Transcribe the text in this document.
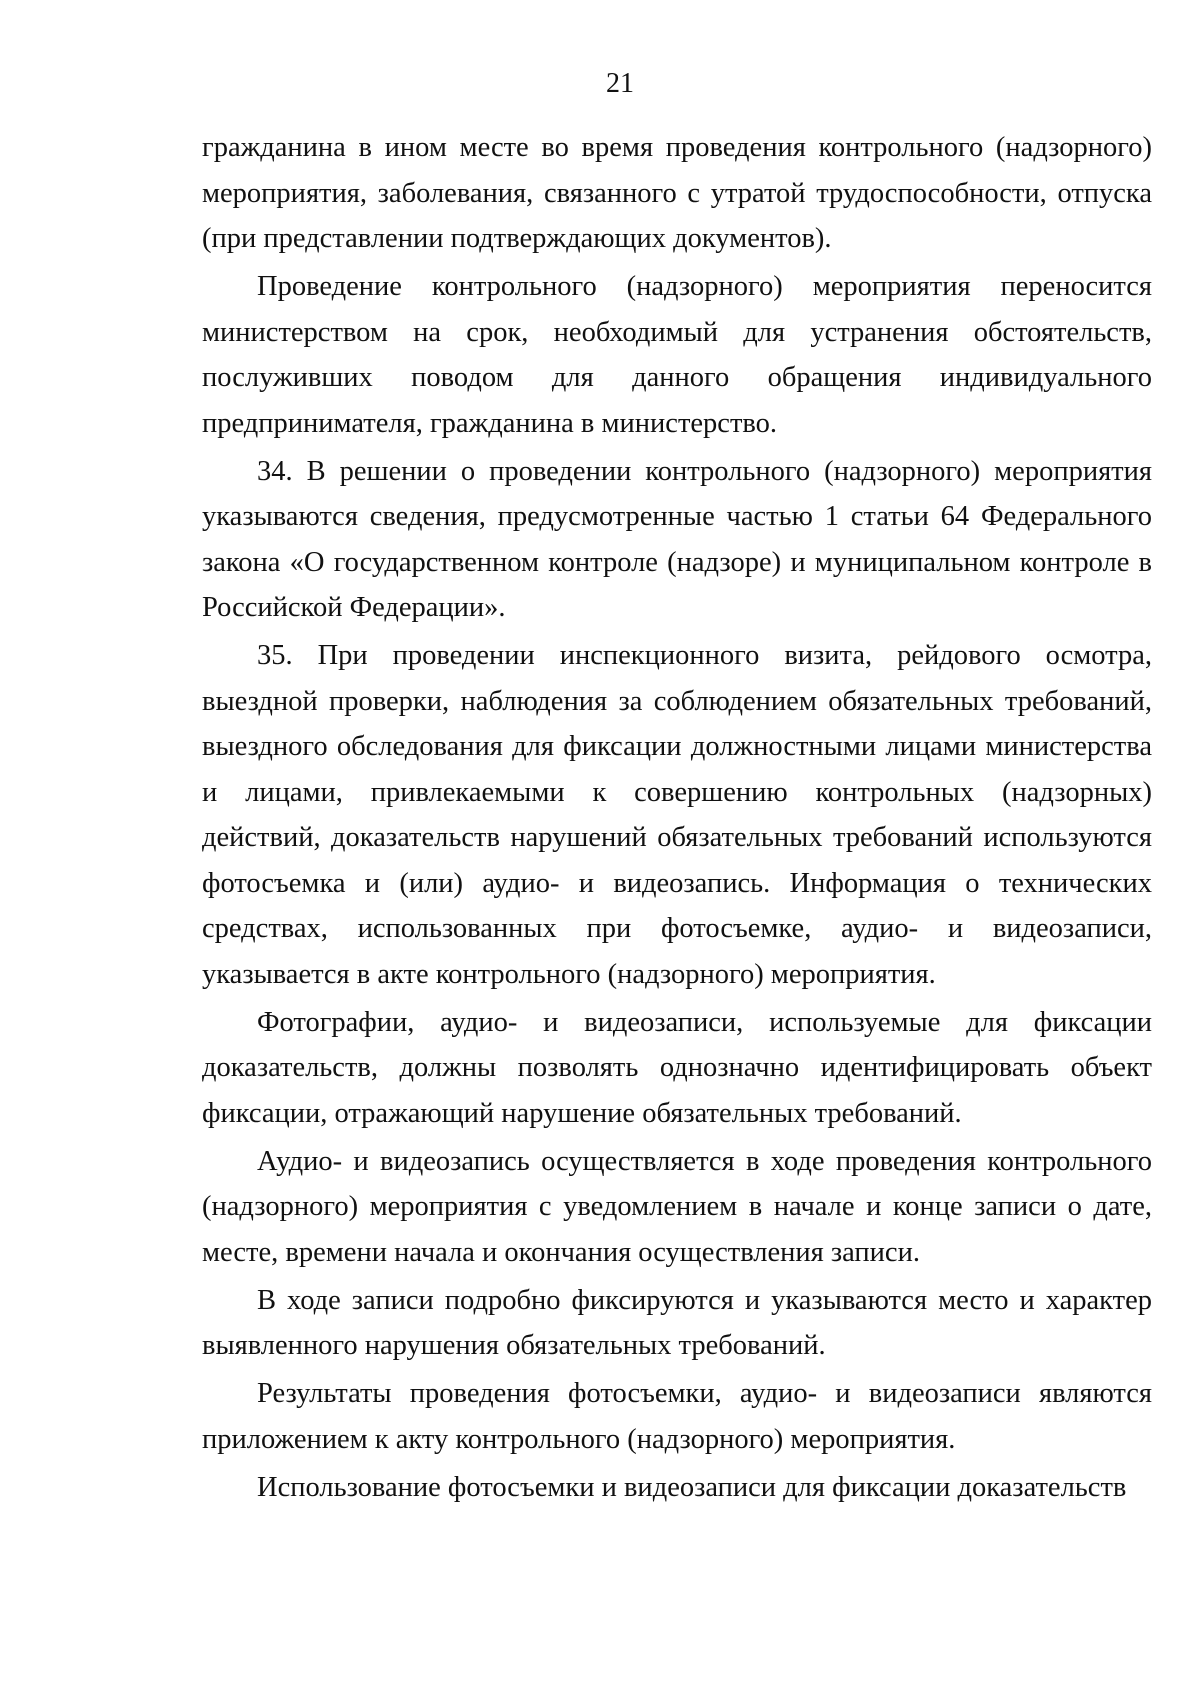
21

гражданина в ином месте во время проведения контрольного (надзорного) мероприятия, заболевания, связанного с утратой трудоспособности, отпуска (при представлении подтверждающих документов).

Проведение контрольного (надзорного) мероприятия переносится министерством на срок, необходимый для устранения обстоятельств, послуживших поводом для данного обращения индивидуального предпринимателя, гражданина в министерство.

34. В решении о проведении контрольного (надзорного) мероприятия указываются сведения, предусмотренные частью 1 статьи 64 Федерального закона «О государственном контроле (надзоре) и муниципальном контроле в Российской Федерации».

35. При проведении инспекционного визита, рейдового осмотра, выездной проверки, наблюдения за соблюдением обязательных требований, выездного обследования для фиксации должностными лицами министерства и лицами, привлекаемыми к совершению контрольных (надзорных) действий, доказательств нарушений обязательных требований используются фотосъемка и (или) аудио- и видеозапись. Информация о технических средствах, использованных при фотосъемке, аудио- и видеозаписи, указывается в акте контрольного (надзорного) мероприятия.

Фотографии, аудио- и видеозаписи, используемые для фиксации доказательств, должны позволять однозначно идентифицировать объект фиксации, отражающий нарушение обязательных требований.

Аудио- и видеозапись осуществляется в ходе проведения контрольного (надзорного) мероприятия с уведомлением в начале и конце записи о дате, месте, времени начала и окончания осуществления записи.

В ходе записи подробно фиксируются и указываются место и характер выявленного нарушения обязательных требований.

Результаты проведения фотосъемки, аудио- и видеозаписи являются приложением к акту контрольного (надзорного) мероприятия.

Использование фотосъемки и видеозаписи для фиксации доказательств
